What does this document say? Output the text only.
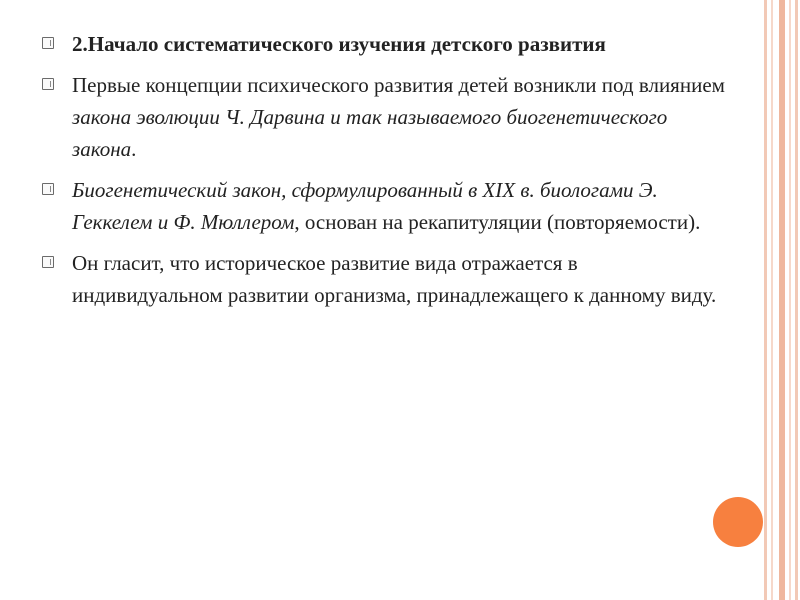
2.Начало систематического изучения детского развития
Первые концепции психического развития детей возникли под влиянием закона эволюции Ч. Дарвина и так называемого биогенетического закона.
Биогенетический закон, сформулированный в XIX в. биологами Э. Геккелем и Ф. Мюллером, основан на рекапитуляции (повторяемости).
Он гласит, что историческое развитие вида отражается в индивидуальном развитии организма, принадлежащего к данному виду.
